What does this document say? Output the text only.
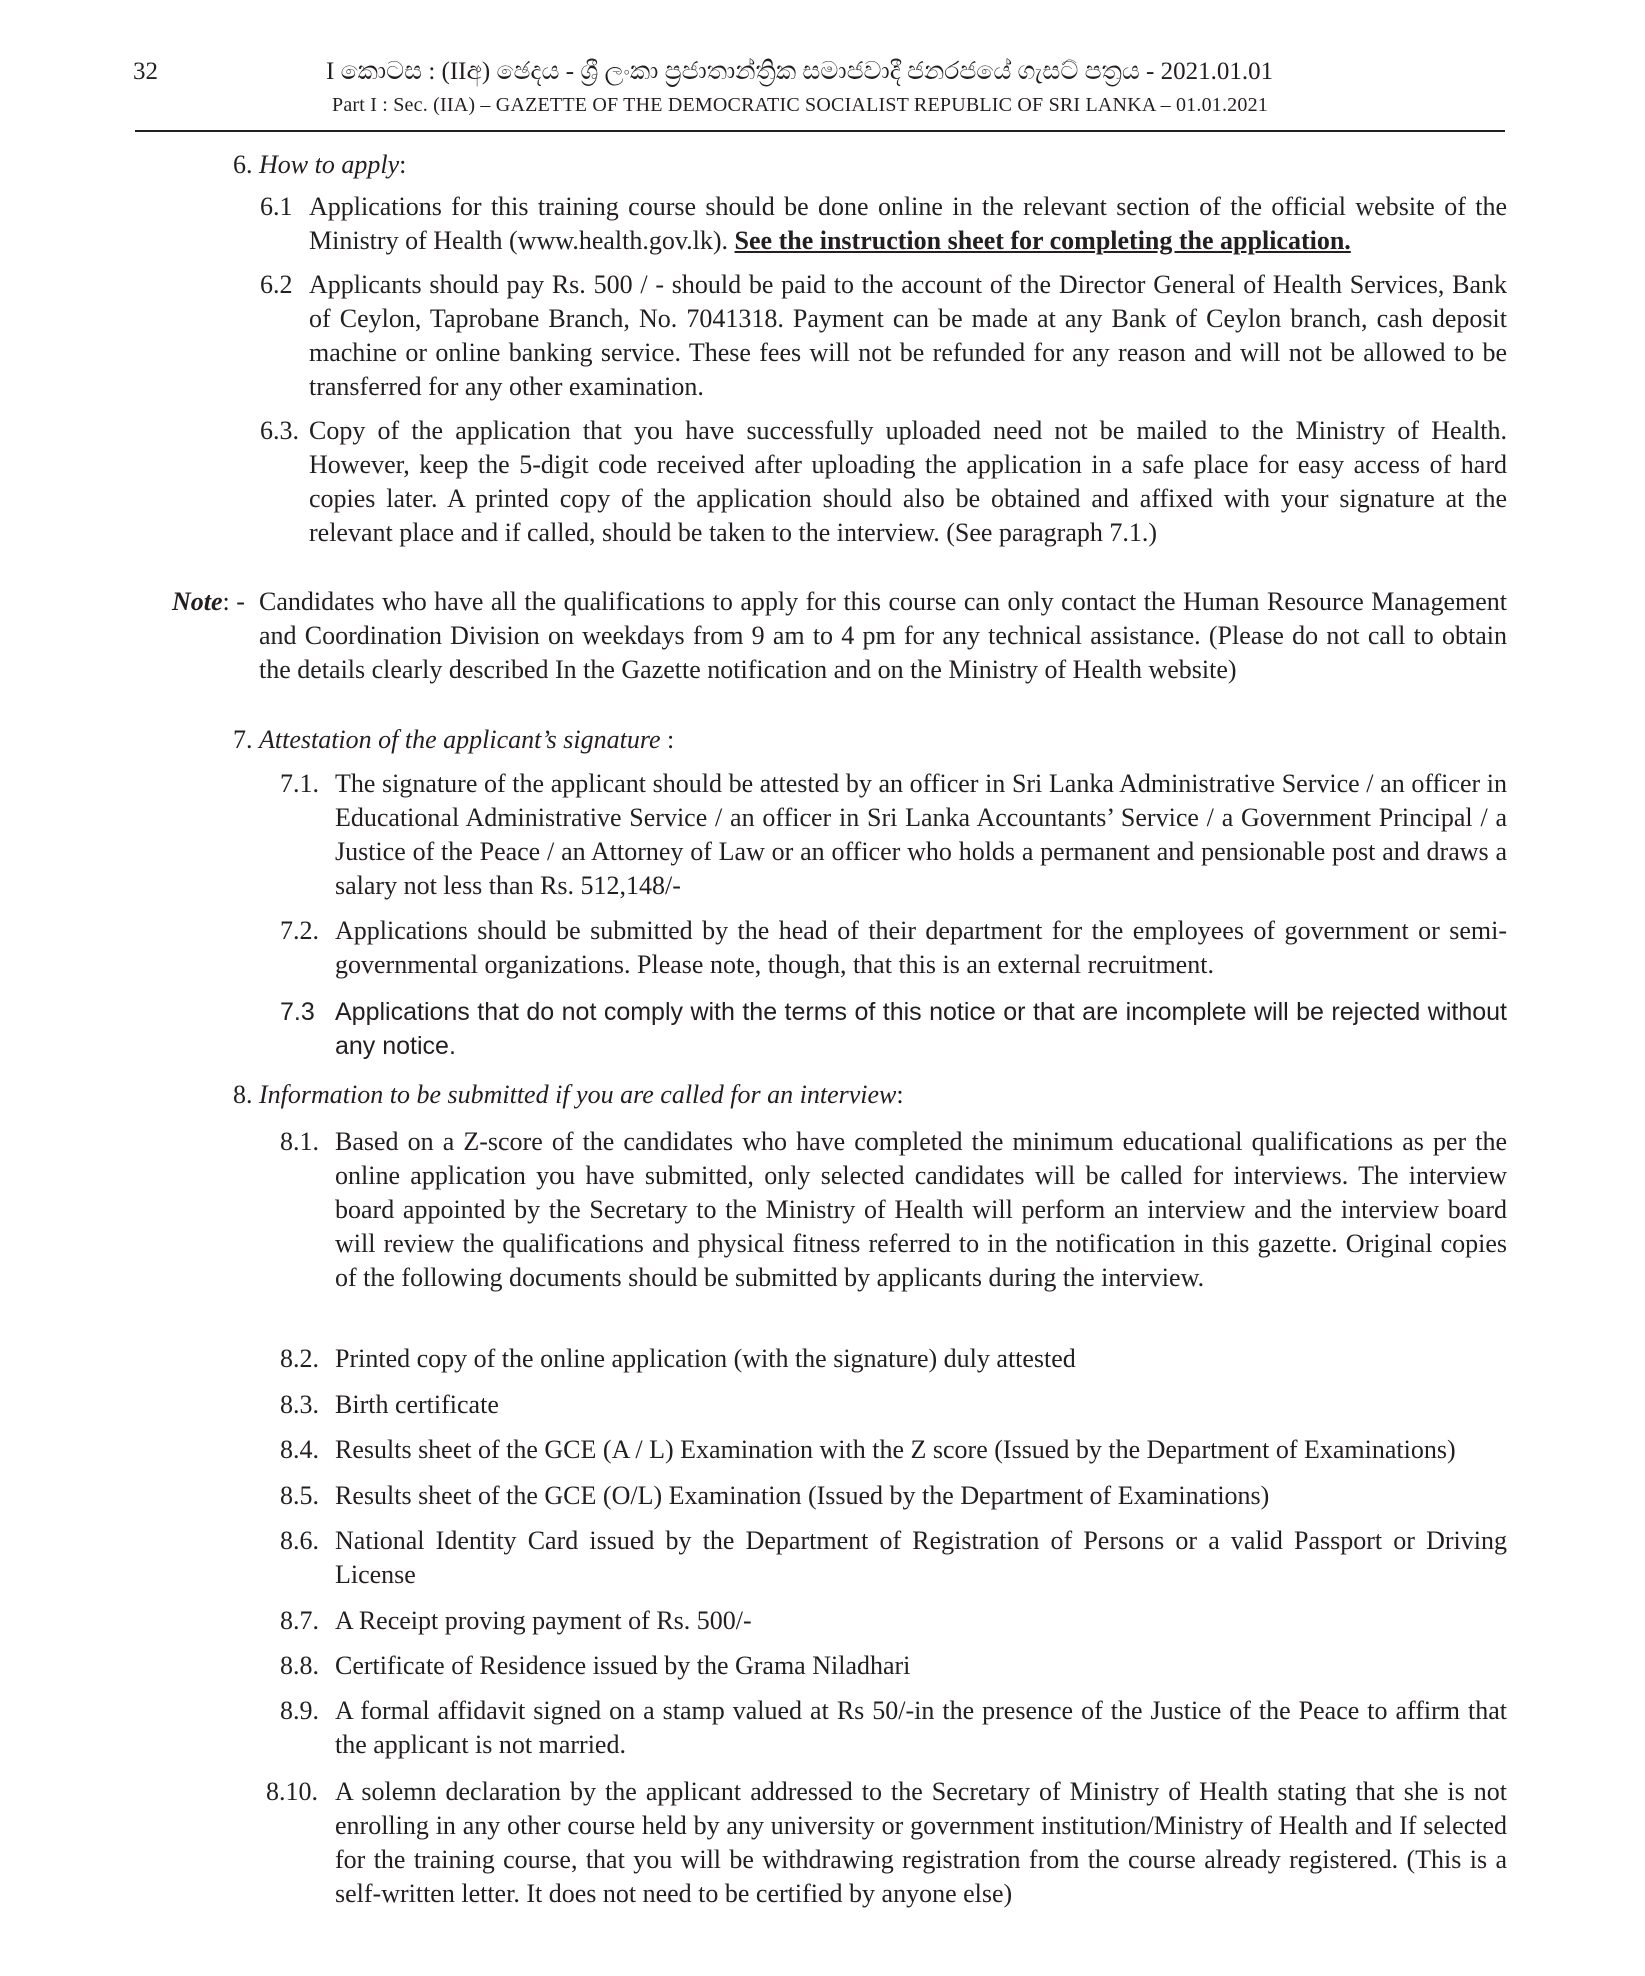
32	I කොටස : (IIඅ) ඡෙදය - ශ්‍රී ලංකා ප්‍රජාතාන්ත්‍රික සමාජවාදී ජනරජයේ ගැසට් පත්‍රය - 2021.01.01
Part I : Sec. (IIA) – GAZETTE OF THE DEMOCRATIC SOCIALIST REPUBLIC OF SRI LANKA – 01.01.2021
6. How to apply:
6.1 Applications for this training course should be done online in the relevant section of the official website of the Ministry of Health (www.health.gov.lk). See the instruction sheet for completing the application.
6.2 Applicants should pay Rs. 500 / - should be paid to the account of the Director General of Health Services, Bank of Ceylon, Taprobane Branch, No. 7041318. Payment can be made at any Bank of Ceylon branch, cash deposit machine or online banking service. These fees will not be refunded for any reason and will not be allowed to be transferred for any other examination.
6.3. Copy of the application that you have successfully uploaded need not be mailed to the Ministry of Health. However, keep the 5-digit code received after uploading the application in a safe place for easy access of hard copies later. A printed copy of the application should also be obtained and affixed with your signature at the relevant place and if called, should be taken to the interview. (See paragraph 7.1.)
Note: - Candidates who have all the qualifications to apply for this course can only contact the Human Resource Management and Coordination Division on weekdays from 9 am to 4 pm for any technical assistance. (Please do not call to obtain the details clearly described In the Gazette notification and on the Ministry of Health website)
7. Attestation of the applicant’s signature :
7.1. The signature of the applicant should be attested by an officer in Sri Lanka Administrative Service / an officer in Educational Administrative Service / an officer in Sri Lanka Accountants’ Service / a Government Principal / a Justice of the Peace / an Attorney of Law or an officer who holds a permanent and pensionable post and draws a salary not less than Rs. 512,148/-
7.2. Applications should be submitted by the head of their department for the employees of government or semi-governmental organizations. Please note, though, that this is an external recruitment.
7.3 Applications that do not comply with the terms of this notice or that are incomplete will be rejected without any notice.
8. Information to be submitted if you are called for an interview:
8.1. Based on a Z-score of the candidates who have completed the minimum educational qualifications as per the online application you have submitted, only selected candidates will be called for interviews. The interview board appointed by the Secretary to the Ministry of Health will perform an interview and the interview board will review the qualifications and physical fitness referred to in the notification in this gazette. Original copies of the following documents should be submitted by applicants during the interview.
8.2. Printed copy of the online application (with the signature) duly attested
8.3. Birth certificate
8.4. Results sheet of the GCE (A / L) Examination with the Z score (Issued by the Department of Examinations)
8.5. Results sheet of the GCE (O/L) Examination (Issued by the Department of Examinations)
8.6. National Identity Card issued by the Department of Registration of Persons or a valid Passport or Driving License
8.7. A Receipt proving payment of Rs. 500/-
8.8. Certificate of Residence issued by the Grama Niladhari
8.9. A formal affidavit signed on a stamp valued at Rs 50/-in the presence of the Justice of the Peace to affirm that the applicant is not married.
8.10. A solemn declaration by the applicant addressed to the Secretary of Ministry of Health stating that she is not enrolling in any other course held by any university or government institution/Ministry of Health and If selected for the training course, that you will be withdrawing registration from the course already registered. (This is a self-written letter. It does not need to be certified by anyone else)
